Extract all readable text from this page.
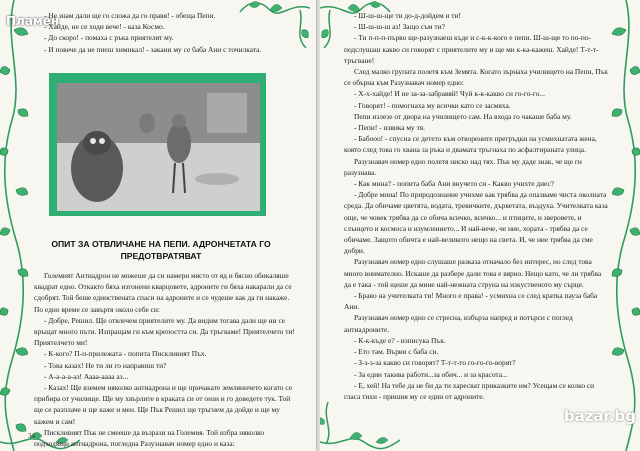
Пламен

- Не знам дали ще го сложа да го правя! - обеща Пепи.

- Хайде, не се ходи вече! - каза Космо.

- До скоро! - помаха с ръка приятелят му.

- И повече да не пиеш химикал! - закани му се баба Ани с точилката.

ОПИТ ЗА ОТВЛИЧАНЕ НА ПЕПИ. АДРОНЧЕТАТА ГО
ПРЕДОТВРАТЯВАТ

Големият Антиадрон не можеше да си намери място от яд и бясно обикаляше квадрат едно. Откакто бяха изгонени кварцовете, адроните ги бяха накарали да се сдобрят. Той беше единствената спаси на адроните и се чудеше как да ги накаже. По едно време се завъртя около себе си:

- Добре, Решил. Ще отвлечем приятелите му. Да видим тогава дали ще ни се връщат много пъти. Изпращам ги към крепостта си. Да тръгваме! Приятелчето ти! Приятелчето ми!

- К-кого? П-п-прилежата - попита Пискливият Пъх.

- Това казах! Не ти ли го направиш ти?

- А-а-а-а-аз! Аааа-аааа аз...

- Казах! Ще вземем няколко антиадрона и ще причакате земляничето когато се прибира от училище. Ще му хвърлите в краката си от онзи и го доведете тук. Той ще се разплаче и ще каже и мен. Ще Пък Решил ще тръгнем да дойде и ще му кажем и сам!

Пискливият Пък не смееше да възрази на Големия. Той избра няколко подходящи антиадрона, погледна Разузнавач номер едно и каза:

34

- Ш-ш-ш-ще ти до-д-дойдем и ти!

- Ш-ш-ш-ш аз! Защо съм ти?

- Ти п-п-п-първо ще-разузнаеш къде и с-к-к-кого е пепи. Ш-ш-ще то по-по-подслушаш какво си говорят с приятелите му и ще ми к-ка-кажеш. Хайде! Т-т-т-тръгване!

След малко групата полетя към Земята. Когато зърнаха училището на Пепи, Пък се обърна към Разузнавач номер едно:

- Х-х-хайде! И не за-за-забравяй! Чуй к-к-какво си го-го-го...

- Говорят! - помогнаха му всички като се засмяха.

Пепи излезе от двора на училището сам. На входа го чакаше баба му.

- Пепи! - извика му тя.

- Бабооо! - спусна се детето към отворените прегръдки на усмихнатата жена, която след това го хвана за ръка и двамата тръгнаха по асфалтираната улица.

Разузнавач номер едно полетя ниско над тях. Пък му даде знак, че ще ги разузнава.

- Как мина? - попита баба Ани внучето си - Какво учихте днес?

- Добре мина! По природознание учихме как трябва да опазваме чиста околната среда. Да обичаме цветята, водата, тревичките, дърветата, въздуха. Учителката каза още, че човек трябва да се обича всичко, всичко... и птиците, и зверовете, и слънцето и космоса и изумлението... И най-вече, че ние, хората - трябва да се обичаме. Защото обичта е най-великото нещо на света. И, че ние трябва да сме добри.

Разузнавач номер едно слушаше разказа отначало без интерес, но след това много внимателно. Искаше да разбере дали това е вярно. Нещо като, че ли трябва да е така - той щеше да мине най-нежната струна на изкуственото му сърце.

- Браво на учителката ти! Много е права! - усмихна се след кратка пауза баба Ани.

Разузнавач номер едно се стресна, избърза напред и потърси с поглед антиадроните.

- К-к-къде е? - изписука Пък.

- Ето там. Върви с баба си.

- З-з-з-за какво си говорят? Т-т-т-то го-го-го-ворят?

- За един такива работи...за обич... и за красота...

- Е, хей! На тебе да не би да ти харесват приказките им? Усещам се колко си гласа тихи - пришия му се един от адроните.

bazar.bg
